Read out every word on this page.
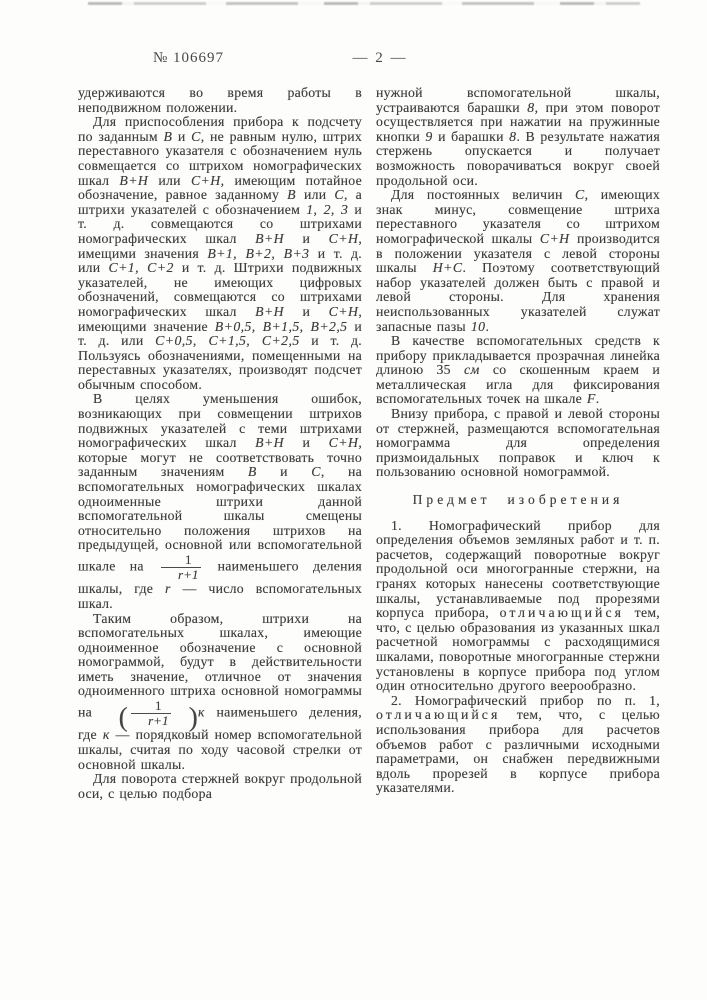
— 2 —
№ 106697

удерживаются во время работы в неподвижном положении.

Для приспособления прибора к подсчету по заданным В и С, не равным нулю, штрих переставного указателя с обозначением нуль совмещается со штрихом номографических шкал В+Н или С+Н, имеющим потайное обозначение, равное заданному В или С, а штрихи указателей с обозначением 1, 2, 3 и т. д. совмещаются со штрихами номографических шкал В+Н и С+Н, имещими значения В+1, В+2, В+3 и т. д. или С+1, С+2 и т. д. Штрихи подвижных указателей, не имеющих цифровых обозначений, совмещаются со штрихами номографических шкал В+Н и С+Н, имеющими значение В+0,5, В+1,5, В+2,5 и т. д. или С+0,5, С+1,5, С+2,5 и т. д. Пользуясь обозначениями, помещенными на переставных указателях, производят подсчет обычным способом.

В целях уменьшения ошибок, возникающих при совмещении штрихов подвижных указателей с теми штрихами номографических шкал В+Н и С+Н, которые могут не соответствовать точно заданным значениям В и С, на вспомогательных номографических шкалах одноименные штрихи данной вспомогательной шкалы смещены относительно положения штрихов на предыдущей, основной или вспомогательной шкале на $\frac{1}{r+1}$ наименьшего деления шкалы, где r — число вспомогательных шкал.

Таким образом, штрихи на вспомогательных шкалах, имеющие одноименное обозначение с основной номограммой, будут в действительности иметь значение, отличное от значения одноименного штриха основной номограммы на ( $\frac{1}{r+1} )к$ наименьшего деления, где к — порядковый номер вспомогательной шкалы, считая по ходу часовой стрелки от основной шкалы.

Для поворота стержней вокруг продольной оси, с целью подбора

нужной вспомогательной шкалы, устраиваются барашки 8, при этом поворот осуществляется при нажатии на пружинные кнопки 9 и барашки 8. В результате нажатия стержень опускается и получает возможность поворачиваться вокруг своей продольной оси.

Для постоянных величин С, имеющих знак минус, совмещение штриха переставного указателя со штрихом номографической шкалы С+Н производится в положении указателя с левой стороны шкалы Н+С. Поэтому соответствующий набор указателей должен быть с правой и левой стороны. Для хранения неиспользованных указателей служат запасные пазы 10.

В качестве вспомогательных средств к прибору прикладывается прозрачная линейка длиною 35 см со скошенным краем и металлическая игла для фиксирования вспомогательных точек на шкале F.

Внизу прибора, с правой и левой стороны от стержней, размещаются вспомогательная номограмма для определения призмоидальных поправок и ключ к пользованию основной номограммой.

Предмет изобретения

1. Номографический прибор для определения объемов земляных работ и т. п. расчетов, содержащий поворотные вокруг продольной оси многогранные стержни, на гранях которых нанесены соответствующие шкалы, устанавливаемые под прорезями корпуса прибора, отличающийся тем, что, с целью образования из указанных шкал расчетной номограммы с расходящимися шкалами, поворотные многогранные стержни установлены в корпусе прибора под углом один относительно другого веерообразно.

2. Номографический прибор по п. 1, отличающийся тем, что, с целью использования прибора для расчетов объемов работ с различными исходными параметрами, он снабжен передвижными вдоль прорезей в корпусе прибора указателями.
